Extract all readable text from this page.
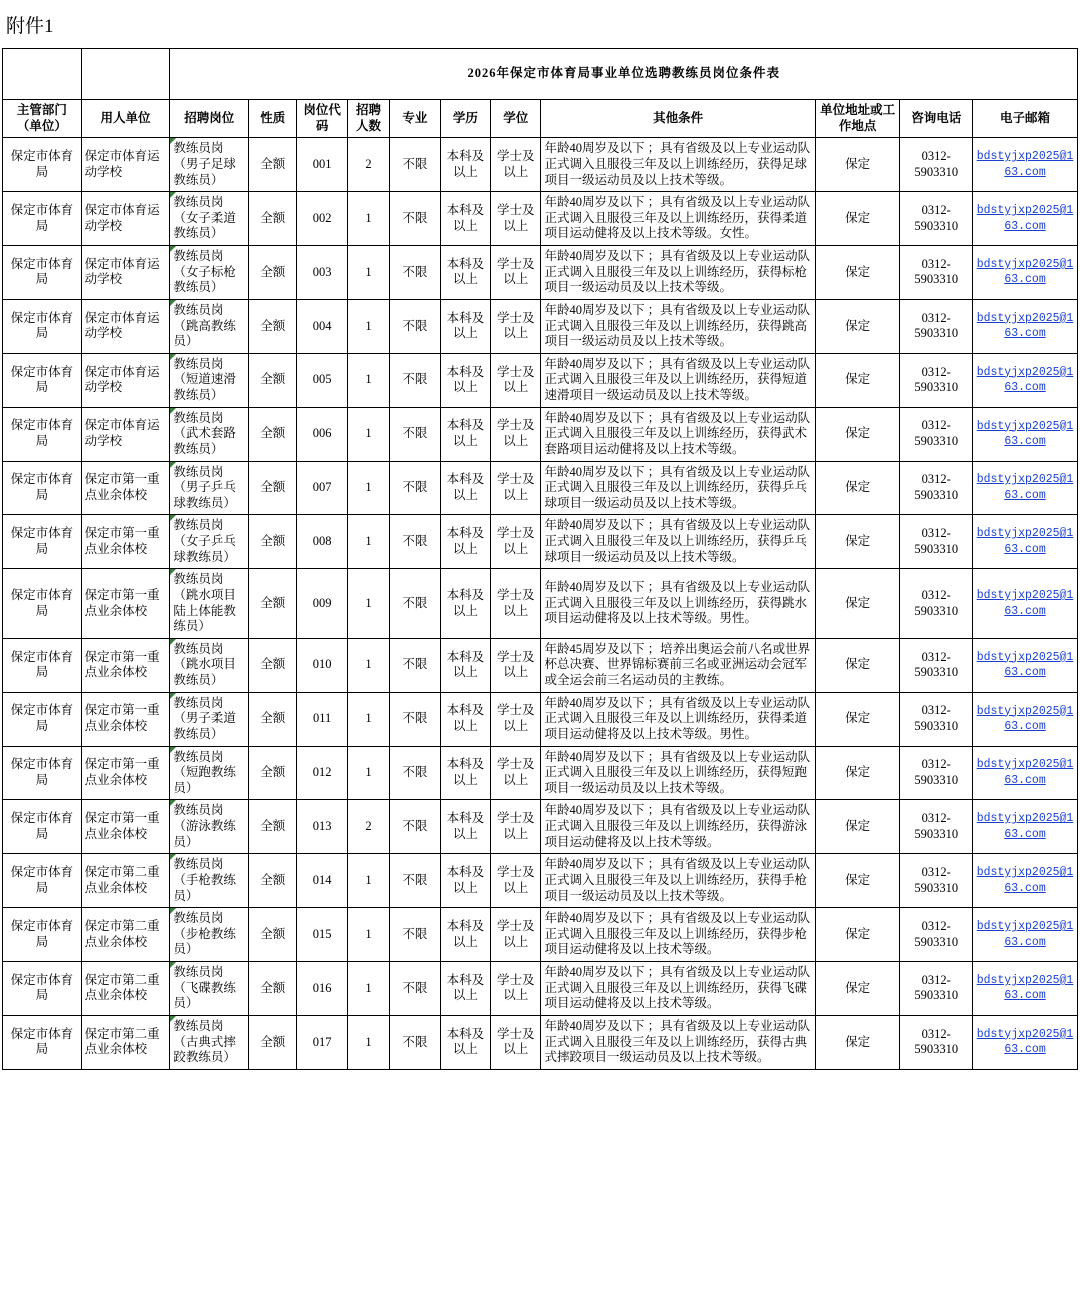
附件1
		2026年保定市体育局事业单位选聘教练员岗位条件表										
主管部门（单位）	用人单位	招聘岗位	性质	岗位代码	招聘人数	专业	学历	学位	其他条件	单位地址或工作地点	咨询电话	电子邮箱
保定市体育局	保定市体育运动学校	教练员岗（男子足球教练员）	全额	001	2	不限	本科及以上	学士及以上	年龄40周岁及以下 ；具有省级及以上专业运动队正式调入且服役三年及以上训练经历，获得足球项目一级运动员及以上技术等级。	保定	0312-5903310	bdstyjxp2025@163.com
保定市体育局	保定市体育运动学校	教练员岗（女子柔道教练员）	全额	002	1	不限	本科及以上	学士及以上	年龄40周岁及以下 ；具有省级及以上专业运动队正式调入且服役三年及以上训练经历，获得柔道项目运动健将及以上技术等级。女性。	保定	0312-5903310	bdstyjxp2025@163.com
保定市体育局	保定市体育运动学校	教练员岗（女子标枪教练员）	全额	003	1	不限	本科及以上	学士及以上	年龄40周岁及以下 ；具有省级及以上专业运动队正式调入且服役三年及以上训练经历，获得标枪项目一级运动员及以上技术等级。	保定	0312-5903310	bdstyjxp2025@163.com
保定市体育局	保定市体育运动学校	教练员岗（跳高教练员）	全额	004	1	不限	本科及以上	学士及以上	年龄40周岁及以下 ；具有省级及以上专业运动队正式调入且服役三年及以上训练经历，获得跳高项目一级运动员及以上技术等级。	保定	0312-5903310	bdstyjxp2025@163.com
保定市体育局	保定市体育运动学校	教练员岗（短道速滑教练员）	全额	005	1	不限	本科及以上	学士及以上	年龄40周岁及以下 ；具有省级及以上专业运动队正式调入且服役三年及以上训练经历，获得短道速滑项目一级运动员及以上技术等级。	保定	0312-5903310	bdstyjxp2025@163.com
保定市体育局	保定市体育运动学校	教练员岗（武术套路教练员）	全额	006	1	不限	本科及以上	学士及以上	年龄40周岁及以下 ；具有省级及以上专业运动队正式调入且服役三年及以上训练经历，获得武术套路项目运动健将及以上技术等级。	保定	0312-5903310	bdstyjxp2025@163.com
保定市体育局	保定市第一重点业余体校	教练员岗（男子乒乓球教练员）	全额	007	1	不限	本科及以上	学士及以上	年龄40周岁及以下 ；具有省级及以上专业运动队正式调入且服役三年及以上训练经历，获得乒乓球项目一级运动员及以上技术等级。	保定	0312-5903310	bdstyjxp2025@163.com
保定市体育局	保定市第一重点业余体校	教练员岗（女子乒乓球教练员）	全额	008	1	不限	本科及以上	学士及以上	年龄40周岁及以下 ；具有省级及以上专业运动队正式调入且服役三年及以上训练经历，获得乒乓球项目一级运动员及以上技术等级。	保定	0312-5903310	bdstyjxp2025@163.com
保定市体育局	保定市第一重点业余体校	教练员岗（跳水项目陆上体能教练员）	全额	009	1	不限	本科及以上	学士及以上	年龄40周岁及以下 ；具有省级及以上专业运动队正式调入且服役三年及以上训练经历，获得跳水项目运动健将及以上技术等级。男性。	保定	0312-5903310	bdstyjxp2025@163.com
保定市体育局	保定市第一重点业余体校	教练员岗（跳水项目教练员）	全额	010	1	不限	本科及以上	学士及以上	年龄45周岁及以下 ；培养出奥运会前八名或世界杯总决赛、世界锦标赛前三名或亚洲运动会冠军或全运会前三名运动员的主教练。	保定	0312-5903310	bdstyjxp2025@163.com
保定市体育局	保定市第一重点业余体校	教练员岗（男子柔道教练员）	全额	011	1	不限	本科及以上	学士及以上	年龄40周岁及以下 ；具有省级及以上专业运动队正式调入且服役三年及以上训练经历，获得柔道项目运动健将及以上技术等级。男性。	保定	0312-5903310	bdstyjxp2025@163.com
保定市体育局	保定市第一重点业余体校	教练员岗（短跑教练员）	全额	012	1	不限	本科及以上	学士及以上	年龄40周岁及以下 ；具有省级及以上专业运动队正式调入且服役三年及以上训练经历，获得短跑项目一级运动员及以上技术等级。	保定	0312-5903310	bdstyjxp2025@163.com
保定市体育局	保定市第一重点业余体校	教练员岗（游泳教练员）	全额	013	2	不限	本科及以上	学士及以上	年龄40周岁及以下 ；具有省级及以上专业运动队正式调入且服役三年及以上训练经历，获得游泳项目运动健将及以上技术等级。	保定	0312-5903310	bdstyjxp2025@163.com
保定市体育局	保定市第二重点业余体校	教练员岗（手枪教练员）	全额	014	1	不限	本科及以上	学士及以上	年龄40周岁及以下 ；具有省级及以上专业运动队正式调入且服役三年及以上训练经历，获得手枪项目一级运动员及以上技术等级。	保定	0312-5903310	bdstyjxp2025@163.com
保定市体育局	保定市第二重点业余体校	教练员岗（步枪教练员）	全额	015	1	不限	本科及以上	学士及以上	年龄40周岁及以下 ；具有省级及以上专业运动队正式调入且服役三年及以上训练经历，获得步枪项目运动健将及以上技术等级。	保定	0312-5903310	bdstyjxp2025@163.com
保定市体育局	保定市第二重点业余体校	教练员岗（飞碟教练员）	全额	016	1	不限	本科及以上	学士及以上	年龄40周岁及以下 ；具有省级及以上专业运动队正式调入且服役三年及以上训练经历，获得飞碟项目运动健将及以上技术等级。	保定	0312-5903310	bdstyjxp2025@163.com
保定市体育局	保定市第二重点业余体校	教练员岗（古典式摔跤教练员）	全额	017	1	不限	本科及以上	学士及以上	年龄40周岁及以下 ；具有省级及以上专业运动队正式调入且服役三年及以上训练经历，获得古典式摔跤项目一级运动员及以上技术等级。	保定	0312-5903310	bdstyjxp2025@163.com
